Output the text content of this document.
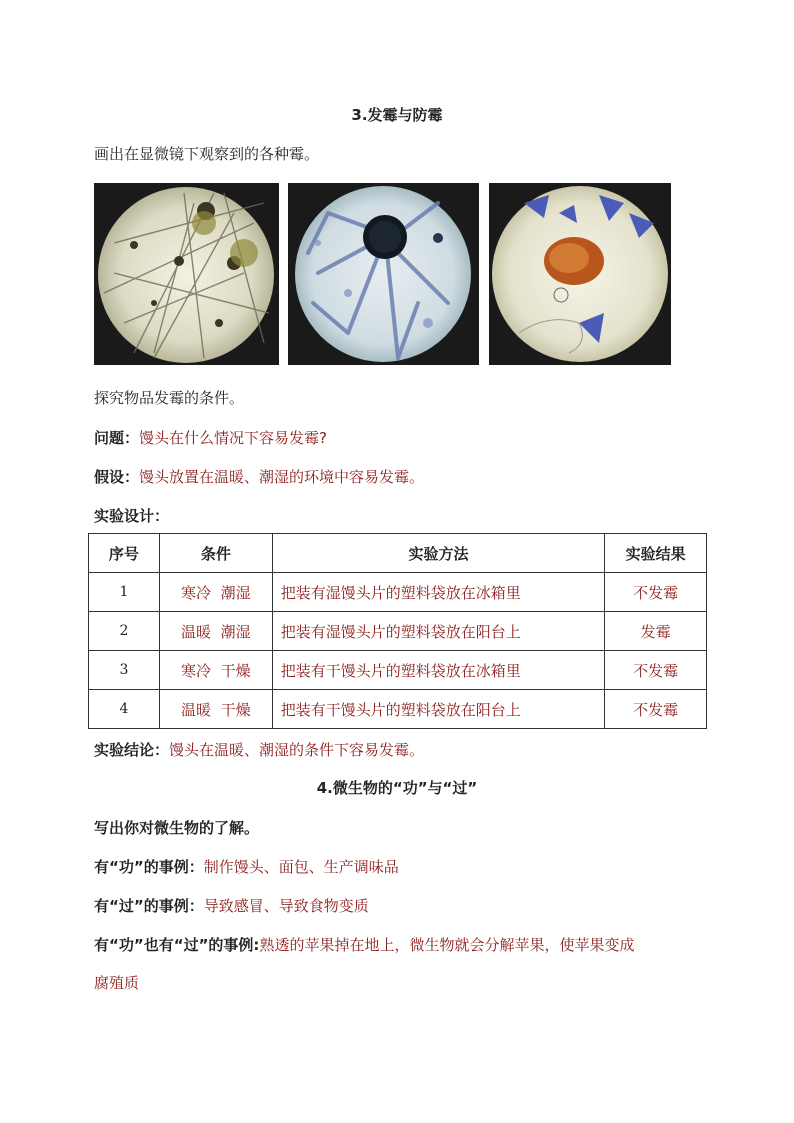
3.发霉与防霉
画出在显微镜下观察到的各种霉。
探究物品发霉的条件。
问题：馒头在什么情况下容易发霉?
假设：馒头放置在温暖、潮湿的环境中容易发霉。
实验设计：
序号	条件	实验方法	实验结果
1	寒冷  潮湿	把装有湿馒头片的塑料袋放在冰箱里	不发霉
2	温暖  潮湿	把装有湿馒头片的塑料袋放在阳台上	发霉
3	寒冷  干燥	把装有干馒头片的塑料袋放在冰箱里	不发霉
4	温暖  干燥	把装有干馒头片的塑料袋放在阳台上	不发霉
实验结论：馒头在温暖、潮湿的条件下容易发霉。
4.微生物的“功”与“过”
写出你对微生物的了解。
有“功”的事例：制作馒头、面包、生产调味品
有“过”的事例：导致感冒、导致食物变质
有“功”也有“过”的事例:熟透的苹果掉在地上，微生物就会分解苹果，使苹果变成
腐殖质
